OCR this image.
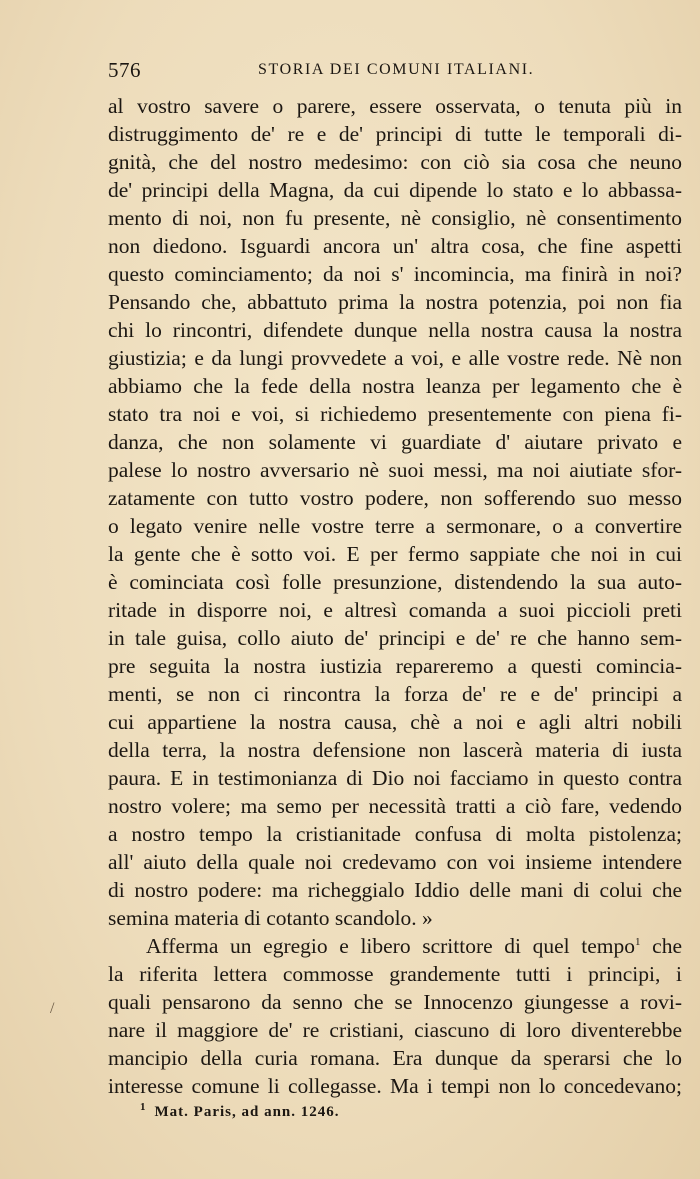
576	STORIA DEI COMUNI ITALIANI.
al vostro savere o parere, essere osservata, o tenuta più in
distruggimento de' re e de' principi di tutte le temporali di-
gnità, che del nostro medesimo: con ciò sia cosa che neuno
de' principi della Magna, da cui dipende lo stato e lo abbassa-
mento di noi, non fu presente, nè consiglio, nè consentimento
non diedono. Isguardi ancora un' altra cosa, che fine aspetti
questo cominciamento; da noi s' incomincia, ma finirà in noi?
Pensando che, abbattuto prima la nostra potenzia, poi non fia
chi lo rincontri, difendete dunque nella nostra causa la nostra
giustizia; e da lungi provvedete a voi, e alle vostre rede. Nè non
abbiamo che la fede della nostra leanza per legamento che è
stato tra noi e voi, si richiedemo presentemente con piena fi-
danza, che non solamente vi guardiate d' aiutare privato e
palese lo nostro avversario nè suoi messi, ma noi aiutiate sfor-
zatamente con tutto vostro podere, non sofferendo suo messo
o legato venire nelle vostre terre a sermonare, o a convertire
la gente che è sotto voi. E per fermo sappiate che noi in cui
è cominciata così folle presunzione, distendendo la sua auto-
ritade in disporre noi, e altresì comanda a suoi piccioli preti
in tale guisa, collo aiuto de' principi e de' re che hanno sem-
pre seguita la nostra iustizia repareremo a questi comincia-
menti, se non ci rincontra la forza de' re e de' principi a
cui appartiene la nostra causa, chè a noi e agli altri nobili
della terra, la nostra defensione non lascerà materia di iusta
paura. E in testimonianza di Dio noi facciamo in questo contra
nostro volere; ma semo per necessità tratti a ciò fare, vedendo
a nostro tempo la cristianitade confusa di molta pistolenza;
all' aiuto della quale noi credevamo con voi insieme intendere
di nostro podere: ma richeggialo Iddio delle mani di colui che
semina materia di cotanto scandolo. »
Afferma un egregio e libero scrittore di quel tempo$^1$ che
la riferita lettera commosse grandemente tutti i principi, i
quali pensarono da senno che se Innocenzo giungesse a rovi-
nare il maggiore de' re cristiani, ciascuno di loro diventerebbe
mancipio della curia romana. Era dunque da sperarsi che lo
interesse comune li collegasse. Ma i tempi non lo concedevano;
/
$^1$ Mat. Paris, ad ann. 1246.
